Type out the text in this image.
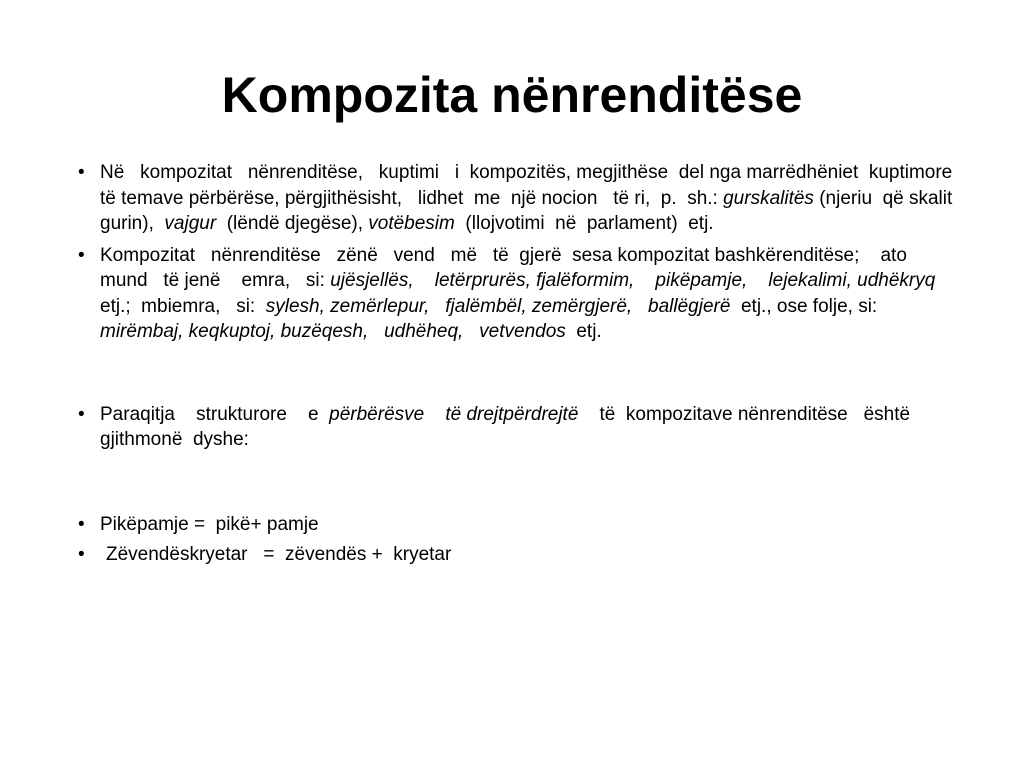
Kompozita nënrenditëse
• Në   kompozitat   nënrenditëse,   kuptimi   i  kompozitës, megjithëse  del nga marrëdhëniet  kuptimore  të temave përbërëse, përgjithësisht,   lidhet  me  një nocion   të ri,  p.  sh.: gurskalitës (njeriu  që skalit gurin),  vajgur  (lëndë djegëse), votëbesim  (llojvotimi  në  parlament)  etj.

• Kompozitat   nënrenditëse   zënë   vend   më   të  gjerë  sesa kompozitat bashkërenditëse;    ato   mund   të jenë    emra,   si: ujësjellës,    letërprurës, fjalëformim,    pikëpamje,    lejekalimi, udhëkryq    etj.;  mbiemra,   si:  sylesh, zemërlepur,   fjalëmbël, zemërgjerë,   ballëgjerë  etj., ose folje, si: mirëmbaj, keqkuptoj, buzëqesh,   udhëheq,   vetvendos  etj.

• Paraqitja    strukturore    e  përbërësve    të drejtpërdrejtë    të  kompozitave nënrenditëse   është gjithmonë  dyshe:

• Pikëpamje =  pikë+ pamje

•	Zëvendëskryetar   =  zëvendës +  kryetar
